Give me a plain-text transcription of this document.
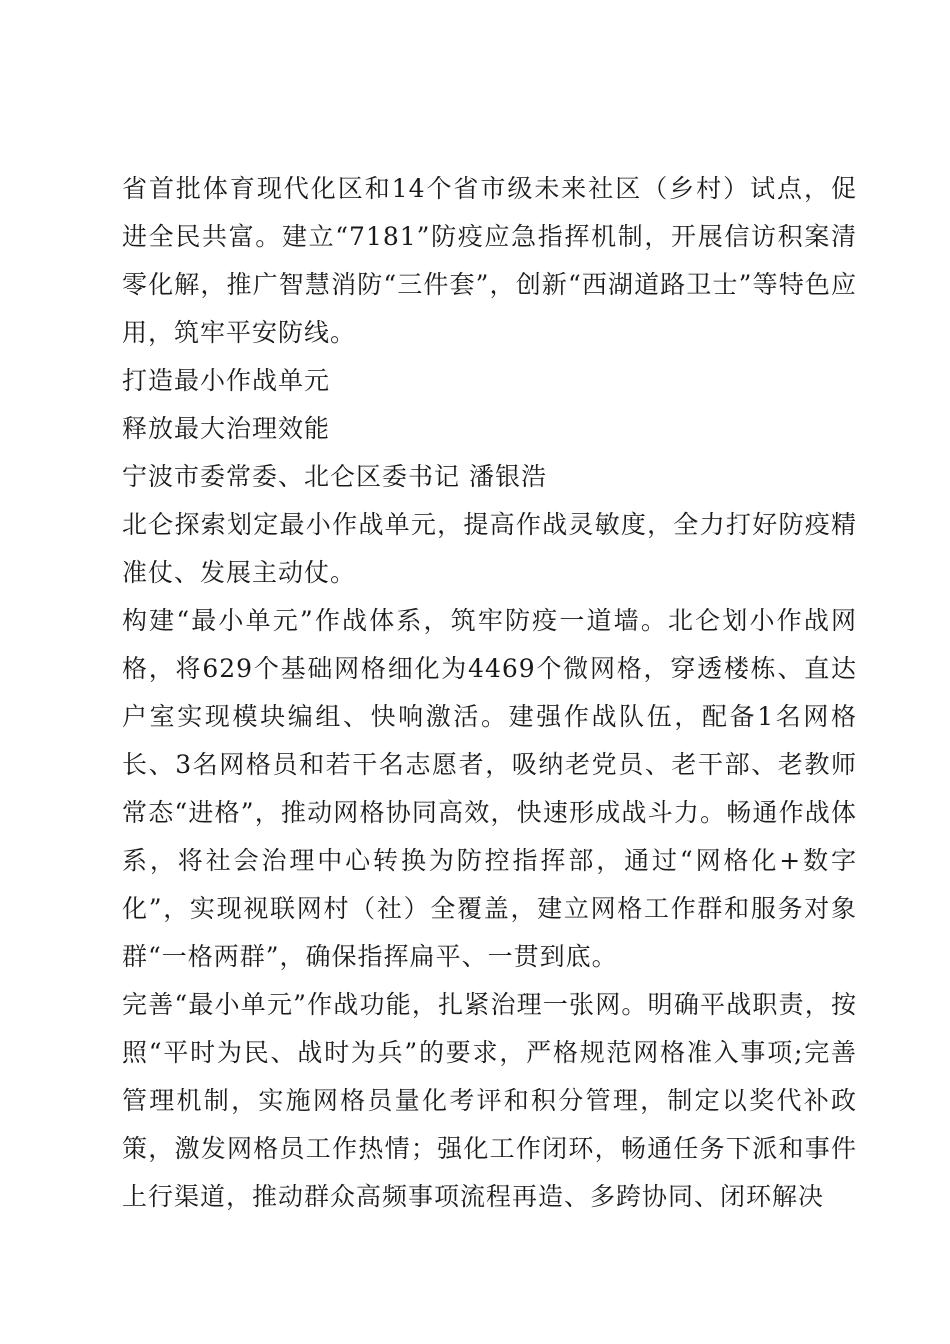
省首批体育现代化区和14个省市级未来社区（乡村）试点，促进全民共富。建立“7181”防疫应急指挥机制，开展信访积案清零化解，推广智慧消防“三件套”，创新“西湖道路卫士”等特色应用，筑牢平安防线。

打造最小作战单元

释放最大治理效能

宁波市委常委、北仑区委书记 潘银浩

北仑探索划定最小作战单元，提高作战灵敏度，全力打好防疫精准仗、发展主动仗。

构建“最小单元”作战体系，筑牢防疫一道墙。北仑划小作战网格，将629个基础网格细化为4469个微网格，穿透楼栋、直达户室实现模块编组、快响激活。建强作战队伍，配备1名网格长、3名网格员和若干名志愿者，吸纳老党员、老干部、老教师常态“进格”，推动网格协同高效，快速形成战斗力。畅通作战体系，将社会治理中心转换为防控指挥部，通过“网格化+数字化”，实现视联网村（社）全覆盖，建立网格工作群和服务对象群“一格两群”，确保指挥扁平、一贯到底。

完善“最小单元”作战功能，扎紧治理一张网。明确平战职责，按照“平时为民、战时为兵”的要求，严格规范网格准入事项;完善管理机制，实施网格员量化考评和积分管理，制定以奖代补政策，激发网格员工作热情；强化工作闭环，畅通任务下派和事件上行渠道，推动群众高频事项流程再造、多跨协同、闭环解决
